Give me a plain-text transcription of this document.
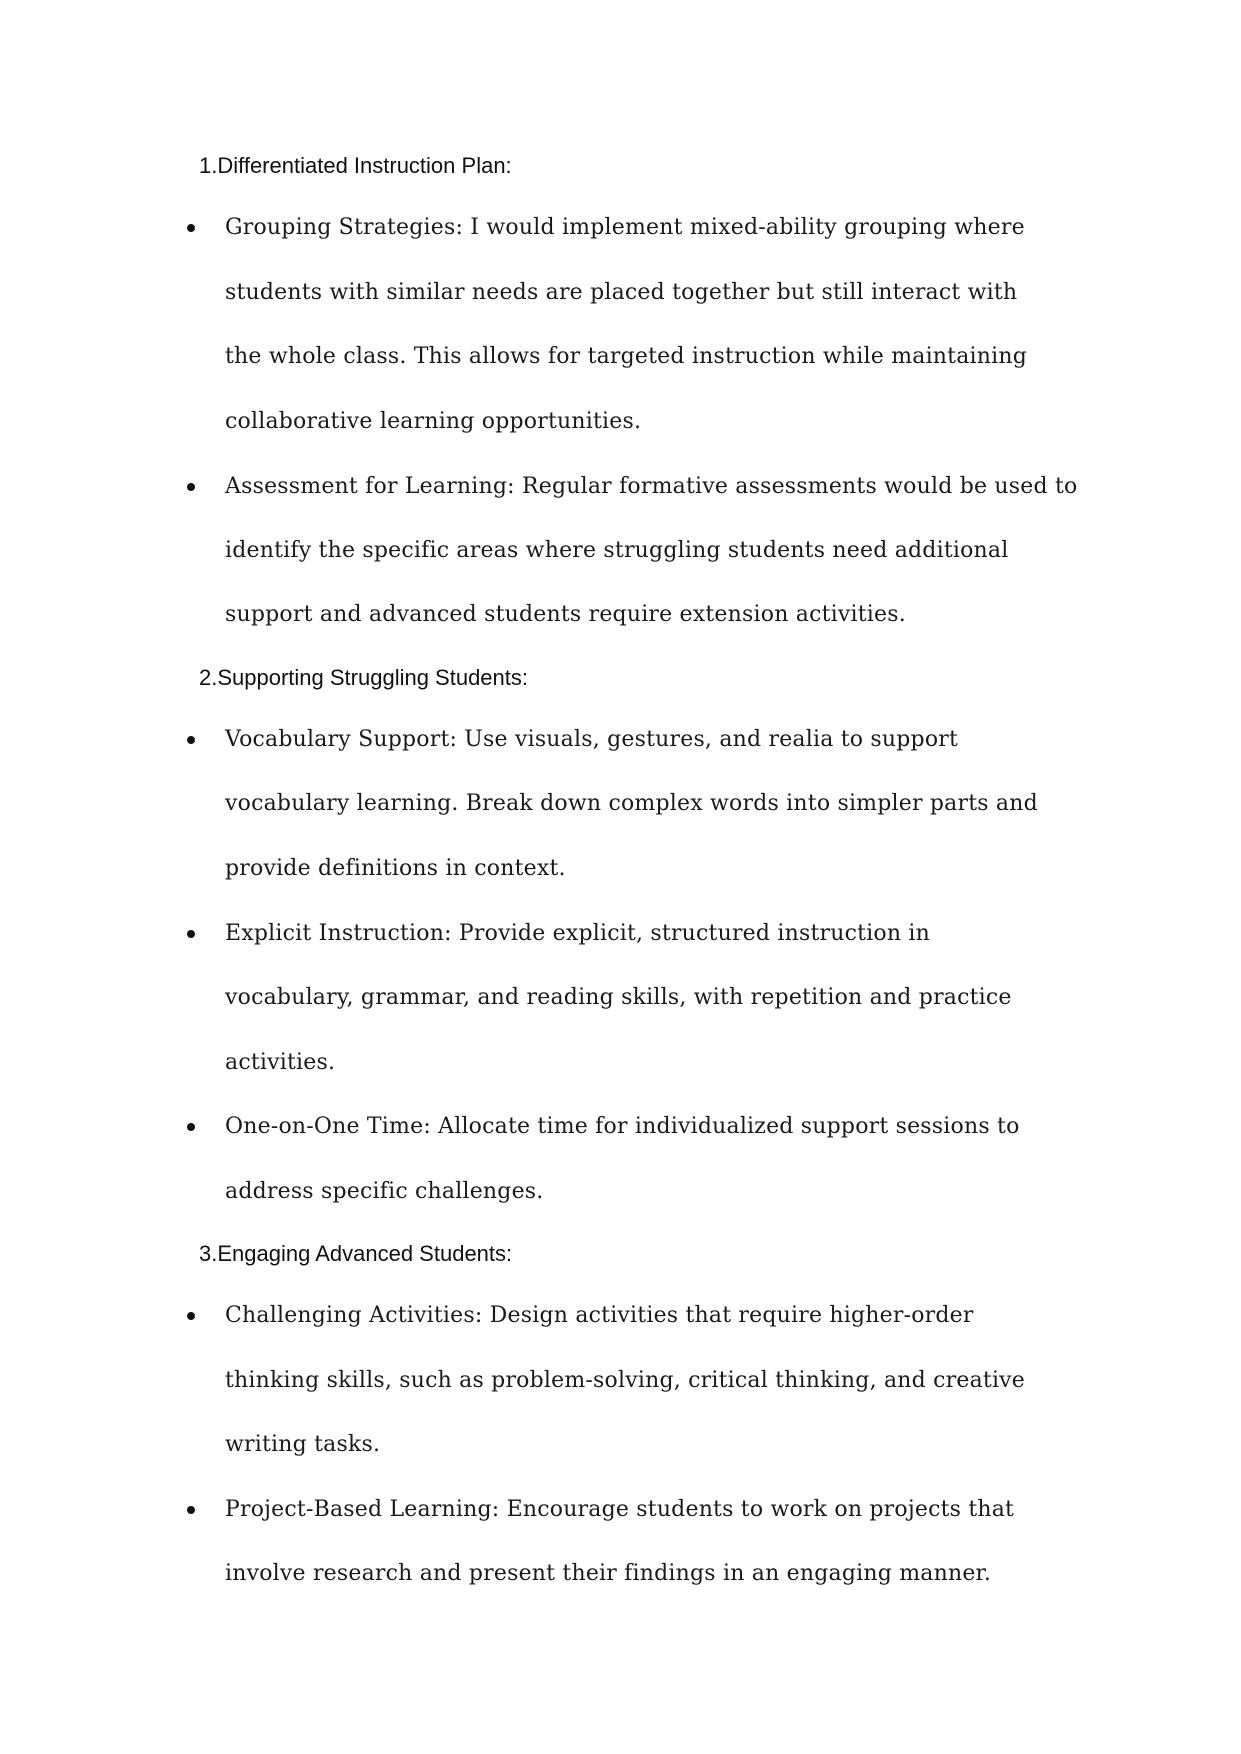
1.Differentiated Instruction Plan:
Grouping Strategies: I would implement mixed-ability grouping where
students with similar needs are placed together but still interact with
the whole class. This allows for targeted instruction while maintaining
collaborative learning opportunities.
Assessment for Learning: Regular formative assessments would be used to
identify the specific areas where struggling students need additional
support and advanced students require extension activities.
2.Supporting Struggling Students:
Vocabulary Support: Use visuals, gestures, and realia to support
vocabulary learning. Break down complex words into simpler parts and
provide definitions in context.
Explicit Instruction: Provide explicit, structured instruction in
vocabulary, grammar, and reading skills, with repetition and practice
activities.
One-on-One Time: Allocate time for individualized support sessions to
address specific challenges.
3.Engaging Advanced Students:
Challenging Activities: Design activities that require higher-order
thinking skills, such as problem-solving, critical thinking, and creative
writing tasks.
Project-Based Learning: Encourage students to work on projects that
involve research and present their findings in an engaging manner.
